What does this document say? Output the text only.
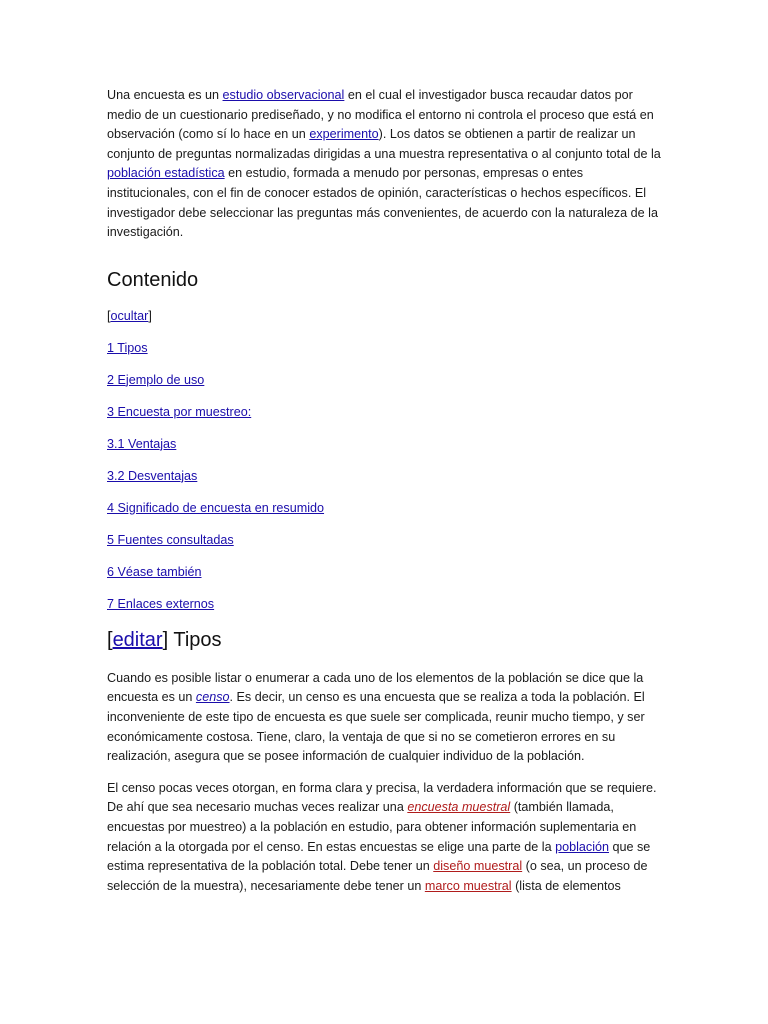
Una encuesta es un estudio observacional en el cual el investigador busca recaudar datos por medio de un cuestionario prediseñado, y no modifica el entorno ni controla el proceso que está en observación (como sí lo hace en un experimento). Los datos se obtienen a partir de realizar un conjunto de preguntas normalizadas dirigidas a una muestra representativa o al conjunto total de la población estadística en estudio, formada a menudo por personas, empresas o entes institucionales, con el fin de conocer estados de opinión, características o hechos específicos. El investigador debe seleccionar las preguntas más convenientes, de acuerdo con la naturaleza de la investigación.

Contenido
[ocultar]
1 Tipos
2 Ejemplo de uso
3 Encuesta por muestreo:
3.1 Ventajas
3.2 Desventajas
4 Significado de encuesta en resumido
5 Fuentes consultadas
6 Véase también
7 Enlaces externos
[editar] Tipos

Cuando es posible listar o enumerar a cada uno de los elementos de la población se dice que la encuesta es un censo. Es decir, un censo es una encuesta que se realiza a toda la población. El inconveniente de este tipo de encuesta es que suele ser complicada, reunir mucho tiempo, y ser económicamente costosa. Tiene, claro, la ventaja de que si no se cometieron errores en su realización, asegura que se posee información de cualquier individuo de la población.

El censo pocas veces otorgan, en forma clara y precisa, la verdadera información que se requiere. De ahí que sea necesario muchas veces realizar una encuesta muestral (también llamada, encuestas por muestreo) a la población en estudio, para obtener información suplementaria en relación a la otorgada por el censo. En estas encuestas se elige una parte de la población que se estima representativa de la población total. Debe tener un diseño muestral (o sea, un proceso de selección de la muestra), necesariamente debe tener un marco muestral (lista de elementos
